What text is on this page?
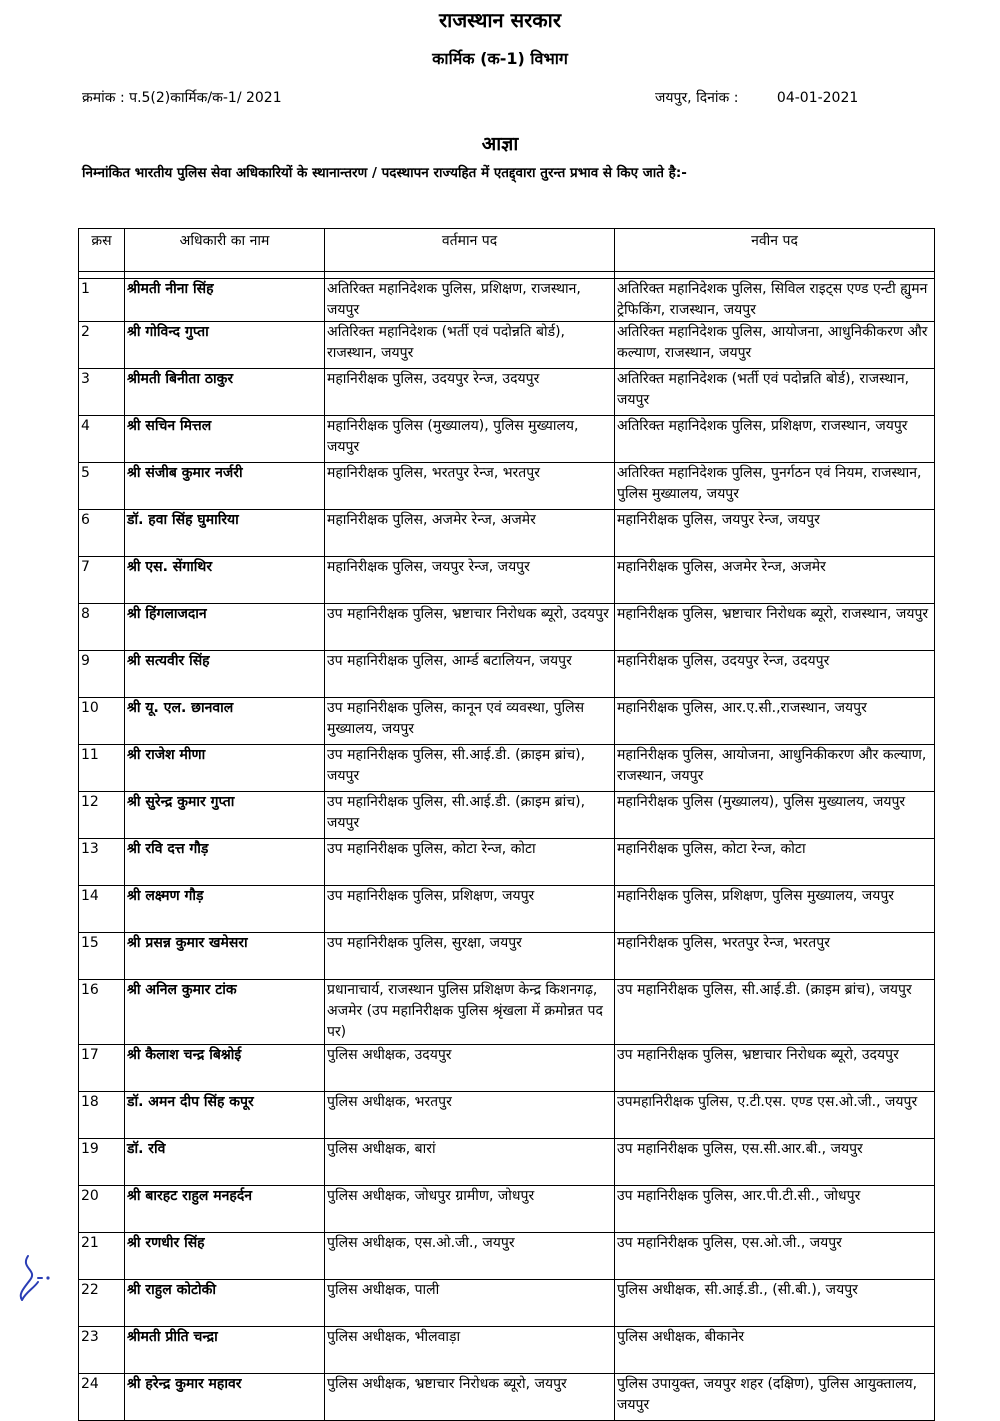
राजस्थान सरकार
कार्मिक (क-1) विभाग
क्रमांक : प.5(2)कार्मिक/क-1/ 2021	जयपुर, दिनांक :	04-01-2021
आज्ञा
निम्नांकित भारतीय पुलिस सेवा अधिकारियों के स्थानान्तरण / पदस्थापन राज्यहित में एतद्द्वारा तुरन्त प्रभाव से किए जाते है:-
क्रस	अधिकारी का नाम	वर्तमान पद	नवीन पद

1	श्रीमती नीना सिंह	अतिरिक्त महानिदेशक पुलिस, प्रशिक्षण, राजस्थान, जयपुर	अतिरिक्त महानिदेशक पुलिस, सिविल राइट्स एण्ड एन्टी ह्युमन ट्रेफिकिंग, राजस्थान, जयपुर
2	श्री गोविन्द गुप्ता	अतिरिक्त महानिदेशक (भर्ती एवं पदोन्नति बोर्ड), राजस्थान, जयपुर	अतिरिक्त महानिदेशक पुलिस, आयोजना, आधुनिकीकरण और कल्याण, राजस्थान, जयपुर
3	श्रीमती बिनीता ठाकुर	महानिरीक्षक पुलिस, उदयपुर रेन्ज, उदयपुर	अतिरिक्त महानिदेशक (भर्ती एवं पदोन्नति बोर्ड), राजस्थान, जयपुर
4	श्री सचिन मित्तल	महानिरीक्षक पुलिस (मुख्यालय), पुलिस मुख्यालय, जयपुर	अतिरिक्त महानिदेशक पुलिस, प्रशिक्षण, राजस्थान, जयपुर
5	श्री संजीब कुमार नर्जरी	महानिरीक्षक पुलिस, भरतपुर रेन्ज, भरतपुर	अतिरिक्त महानिदेशक पुलिस, पुनर्गठन एवं नियम, राजस्थान, पुलिस मुख्यालय, जयपुर
6	डॉ. हवा सिंह घुमारिया	महानिरीक्षक पुलिस, अजमेर रेन्ज, अजमेर	महानिरीक्षक पुलिस, जयपुर रेन्ज, जयपुर
7	श्री एस. सेंगाथिर	महानिरीक्षक पुलिस, जयपुर रेन्ज, जयपुर	महानिरीक्षक पुलिस, अजमेर रेन्ज, अजमेर
8	श्री हिंगलाजदान	उप महानिरीक्षक पुलिस, भ्रष्टाचार निरोधक ब्यूरो, उदयपुर	महानिरीक्षक पुलिस, भ्रष्टाचार निरोधक ब्यूरो, राजस्थान, जयपुर
9	श्री सत्यवीर सिंह	उप महानिरीक्षक पुलिस, आर्म्ड बटालियन, जयपुर	महानिरीक्षक पुलिस, उदयपुर रेन्ज, उदयपुर
10	श्री यू. एल. छानवाल	उप महानिरीक्षक पुलिस, कानून एवं व्यवस्था, पुलिस मुख्यालय, जयपुर	महानिरीक्षक पुलिस, आर.ए.सी.,राजस्थान, जयपुर
11	श्री राजेश मीणा	उप महानिरीक्षक पुलिस, सी.आई.डी. (क्राइम ब्रांच), जयपुर	महानिरीक्षक पुलिस, आयोजना, आधुनिकीकरण और कल्याण, राजस्थान, जयपुर
12	श्री सुरेन्द्र कुमार गुप्ता	उप महानिरीक्षक पुलिस, सी.आई.डी. (क्राइम ब्रांच), जयपुर	महानिरीक्षक पुलिस (मुख्यालय), पुलिस मुख्यालय, जयपुर
13	श्री रवि दत्त गौड़	उप महानिरीक्षक पुलिस, कोटा रेन्ज, कोटा	महानिरीक्षक पुलिस, कोटा रेन्ज, कोटा
14	श्री लक्ष्मण गौड़	उप महानिरीक्षक पुलिस, प्रशिक्षण, जयपुर	महानिरीक्षक पुलिस, प्रशिक्षण, पुलिस मुख्यालय, जयपुर
15	श्री प्रसन्न कुमार खमेसरा	उप महानिरीक्षक पुलिस, सुरक्षा, जयपुर	महानिरीक्षक पुलिस, भरतपुर रेन्ज, भरतपुर
16	श्री अनिल कुमार टांक	प्रधानाचार्य, राजस्थान पुलिस प्रशिक्षण केन्द्र किशनगढ़, अजमेर (उप महानिरीक्षक पुलिस श्रृंखला में क्रमोन्नत पद पर)	उप महानिरीक्षक पुलिस, सी.आई.डी. (क्राइम ब्रांच), जयपुर
17	श्री कैलाश चन्द्र बिश्नोई	पुलिस अधीक्षक, उदयपुर	उप महानिरीक्षक पुलिस, भ्रष्टाचार निरोधक ब्यूरो, उदयपुर
18	डॉ. अमन दीप सिंह कपूर	पुलिस अधीक्षक, भरतपुर	उपमहानिरीक्षक पुलिस, ए.टी.एस. एण्ड एस.ओ.जी., जयपुर
19	डॉ. रवि	पुलिस अधीक्षक, बारां	उप महानिरीक्षक पुलिस, एस.सी.आर.बी., जयपुर
20	श्री बारहट राहुल मनहर्दन	पुलिस अधीक्षक, जोधपुर ग्रामीण, जोधपुर	उप महानिरीक्षक पुलिस, आर.पी.टी.सी., जोधपुर
21	श्री रणधीर सिंह	पुलिस अधीक्षक, एस.ओ.जी., जयपुर	उप महानिरीक्षक पुलिस, एस.ओ.जी., जयपुर
22	श्री राहुल कोटोकी	पुलिस अधीक्षक, पाली	पुलिस अधीक्षक, सी.आई.डी., (सी.बी.), जयपुर
23	श्रीमती प्रीति चन्द्रा	पुलिस अधीक्षक, भीलवाड़ा	पुलिस अधीक्षक, बीकानेर
24	श्री हरेन्द्र कुमार महावर	पुलिस अधीक्षक, भ्रष्टाचार निरोधक ब्यूरो, जयपुर	पुलिस उपायुक्त, जयपुर शहर (दक्षिण), पुलिस आयुक्तालय, जयपुर
